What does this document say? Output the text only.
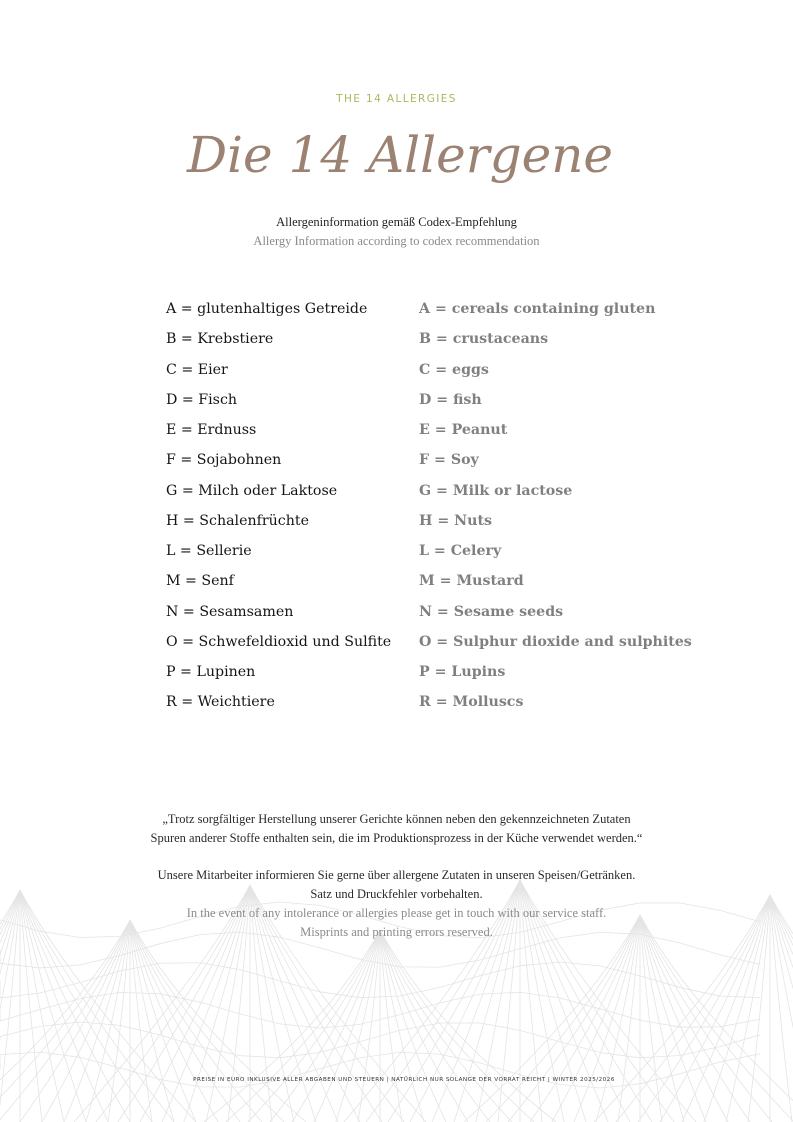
THE 14 ALLERGIES
Die 14 Allergene
Allergeninformation gemäß Codex-Empfehlung
Allergy Information according to codex recommendation
A = glutenhaltiges Getreide
B = Krebstiere
C = Eier
D = Fisch
E = Erdnuss
F = Sojabohnen
G = Milch oder Laktose
H = Schalenfrüchte
L = Sellerie
M = Senf
N = Sesamsamen
O = Schwefeldioxid und Sulfite
P = Lupinen
R = Weichtiere
A = cereals containing gluten
B = crustaceans
C = eggs
D = fish
E = Peanut
F = Soy
G = Milk or lactose
H = Nuts
L = Celery
M = Mustard
N = Sesame seeds
O = Sulphur dioxide and sulphites
P = Lupins
R = Molluscs

„Trotz sorgfältiger Herstellung unserer Gerichte können neben den gekennzeichneten Zutaten

Spuren anderer Stoffe enthalten sein, die im Produktionsprozess in der Küche verwendet werden.“

Unsere Mitarbeiter informieren Sie gerne über allergene Zutaten in unseren Speisen/Getränken.

Satz und Druckfehler vorbehalten.

In the event of any intolerance or allergies please get in touch with our service staff.

Misprints and printing errors reserved.

PREISE IN EURO INKLUSIVE ALLER ABGABEN UND STEUERN | NATÜRLICH NUR SOLANGE DER VORRAT REICHT | WINTER 2025/2026
